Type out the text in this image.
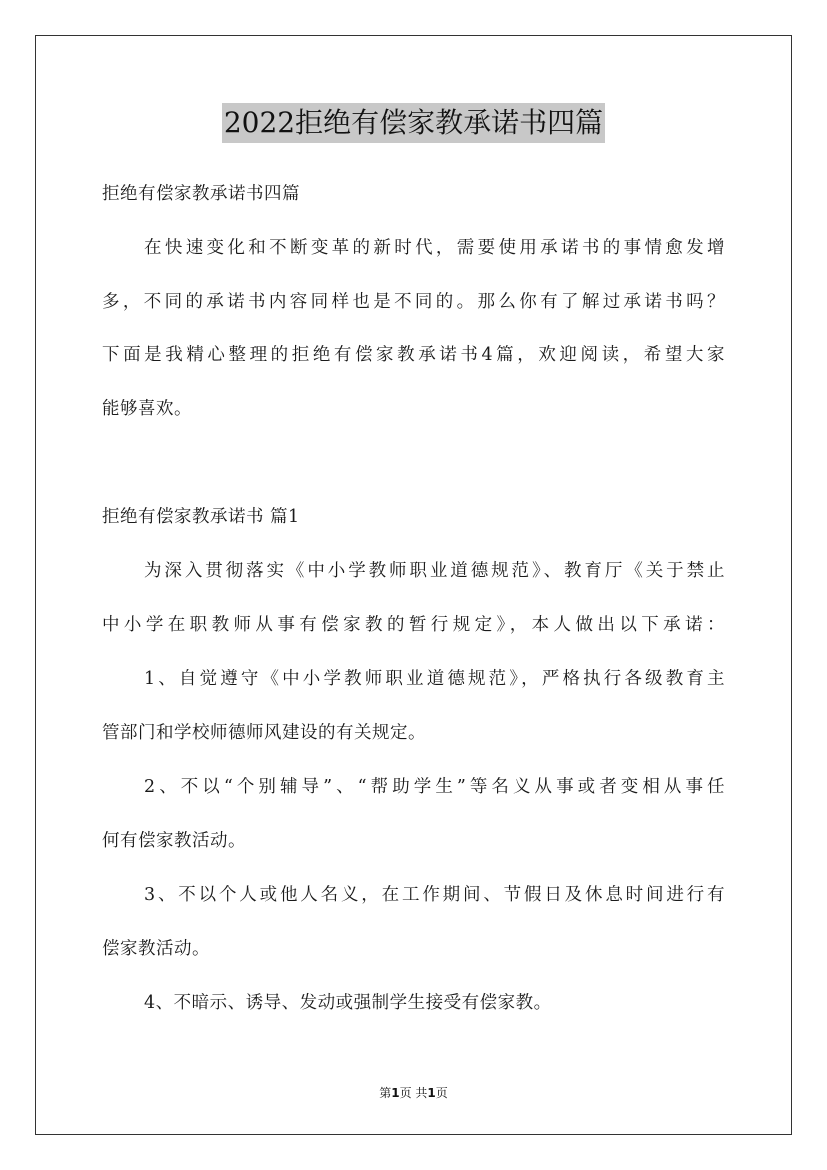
2022拒绝有偿家教承诺书四篇
拒绝有偿家教承诺书四篇
在快速变化和不断变革的新时代，需要使用承诺书的事情愈发增
多，不同的承诺书内容同样也是不同的。那么你有了解过承诺书吗？
下面是我精心整理的拒绝有偿家教承诺书4篇，欢迎阅读，希望大家
能够喜欢。
拒绝有偿家教承诺书 篇1
为深入贯彻落实《中小学教师职业道德规范》、教育厅《关于禁止
中小学在职教师从事有偿家教的暂行规定》，本人做出以下承诺：
1、自觉遵守《中小学教师职业道德规范》，严格执行各级教育主
管部门和学校师德师风建设的有关规定。
2、不以“个别辅导”、“帮助学生”等名义从事或者变相从事任
何有偿家教活动。
3、不以个人或他人名义，在工作期间、节假日及休息时间进行有
偿家教活动。
4、不暗示、诱导、发动或强制学生接受有偿家教。
第1页 共1页
